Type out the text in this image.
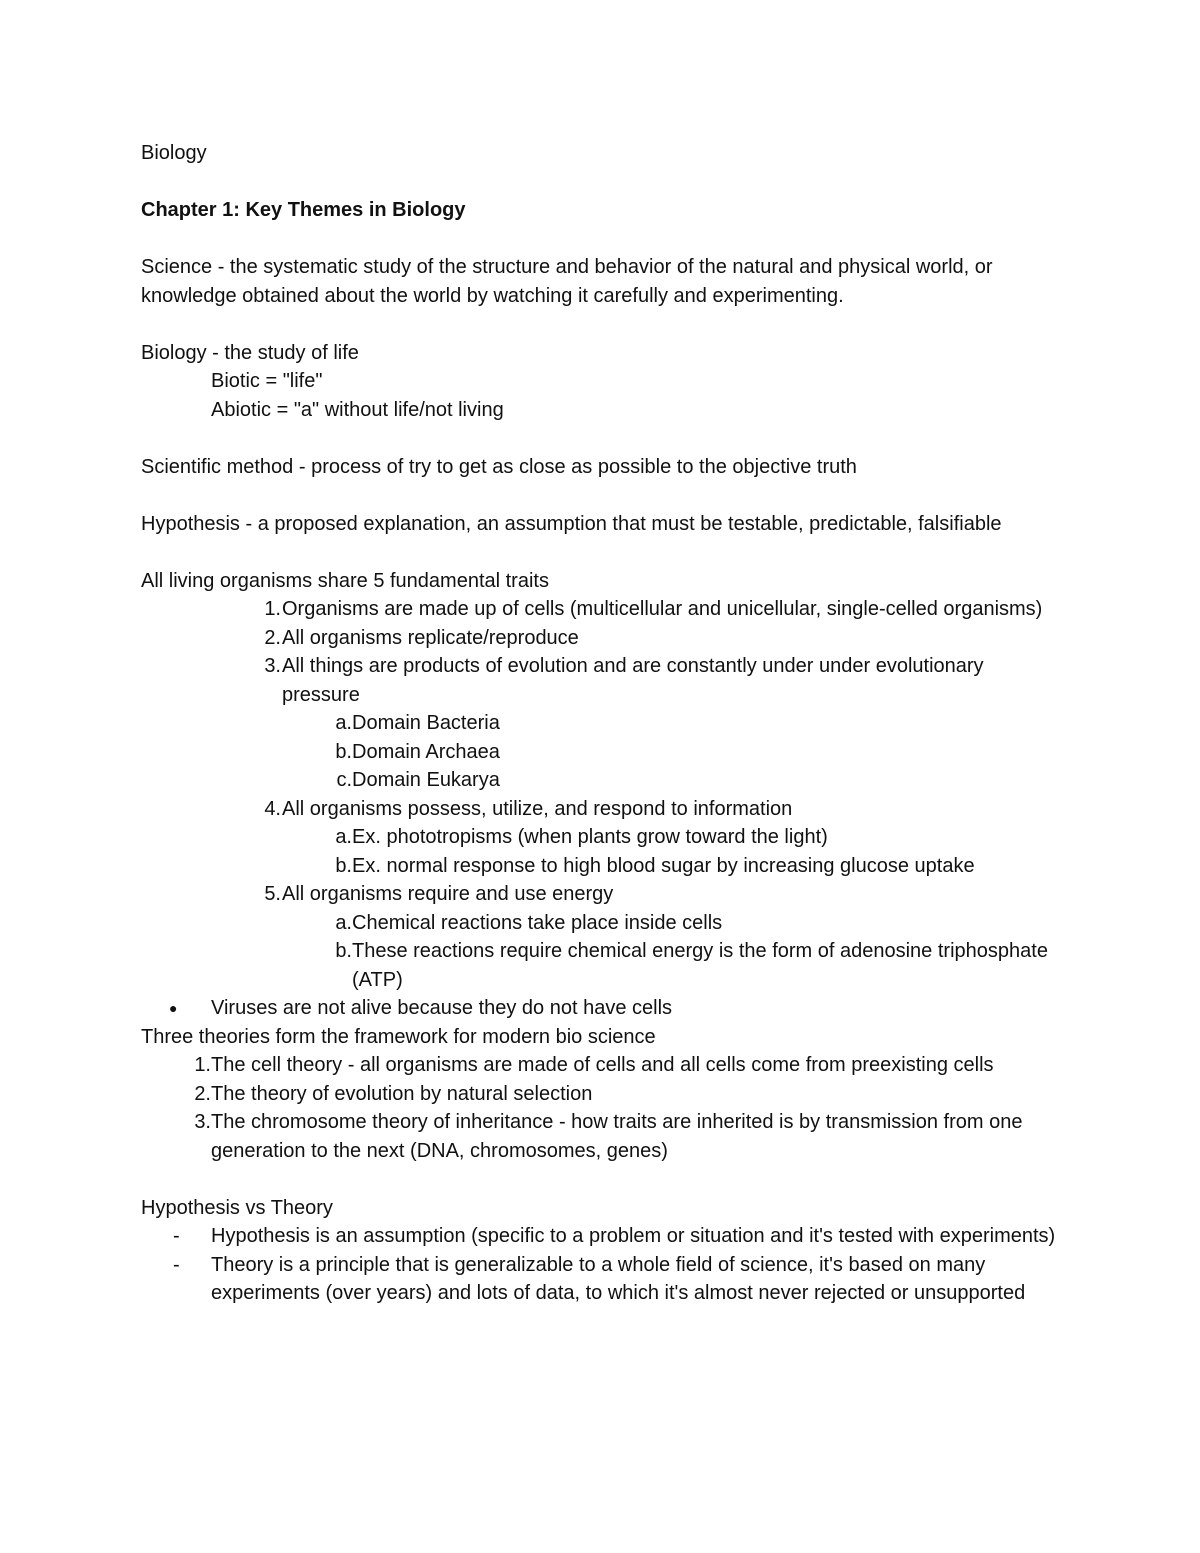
Biology

Chapter 1: Key Themes in Biology

Science - the systematic study of the structure and behavior of the natural and physical world, or knowledge obtained about the world by watching it carefully and experimenting.

Biology - the study of life

Biotic = "life"

Abiotic = "a" without life/not living

Scientific method - process of try to get as close as possible to the objective truth

Hypothesis - a proposed explanation, an assumption that must be testable, predictable, falsifiable

All living organisms share 5 fundamental traits

1. Organisms are made up of cells (multicellular and unicellular, single-celled organisms)
2. All organisms replicate/reproduce
3. All things are products of evolution and are constantly under under evolutionary pressure
a. Domain Bacteria
b. Domain Archaea
c. Domain Eukarya
4. All organisms possess, utilize, and respond to information
a. Ex. phototropisms (when plants grow toward the light)
b. Ex. normal response to high blood sugar by increasing glucose uptake
5. All organisms require and use energy
a. Chemical reactions take place inside cells
b. These reactions require chemical energy is the form of adenosine triphosphate (ATP)
●	Viruses are not alive because they do not have cells

Three theories form the framework for modern bio science

1. The cell theory - all organisms are made of cells and all cells come from preexisting cells
2. The theory of evolution by natural selection
3. The chromosome theory of inheritance - how traits are inherited is by transmission from one generation to the next (DNA, chromosomes, genes)

Hypothesis vs Theory

-	Hypothesis is an assumption (specific to a problem or situation and it's tested with experiments)
-	Theory is a principle that is generalizable to a whole field of science, it's based on many experiments (over years) and lots of data, to which it's almost never rejected or unsupported
